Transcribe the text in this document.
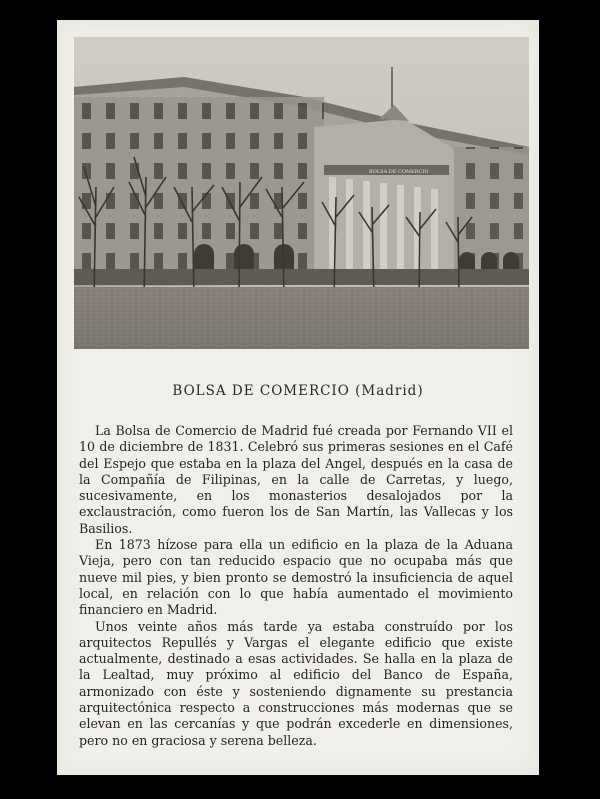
BOLSA DE COMERCIO
BOLSA DE COMERCIO (Madrid)

La Bolsa de Comercio de Madrid fué creada por Fernando VII el 10 de diciembre de 1831. Celebró sus primeras sesiones en el Café del Espejo que estaba en la plaza del Angel, después en la casa de la Compañía de Filipinas, en la calle de Carretas, y luego, sucesivamente, en los monasterios desalojados por la exclaustración, como fueron los de San Martín, las Vallecas y los Basilios.

En 1873 hízose para ella un edificio en la plaza de la Aduana Vieja, pero con tan reducido espacio que no ocupaba más que nueve mil pies, y bien pronto se demostró la insuficiencia de aquel local, en relación con lo que había aumentado el movimiento financiero en Madrid.

Unos veinte años más tarde ya estaba construído por los arquitectos Repullés y Vargas el elegante edificio que existe actualmente, destinado a esas actividades. Se halla en la plaza de la Lealtad, muy próximo al edificio del Banco de España, armonizado con éste y sosteniendo dignamente su prestancia arquitectónica respecto a construcciones más modernas que se elevan en las cercanías y que podrán excederle en dimensiones, pero no en graciosa y serena belleza.
